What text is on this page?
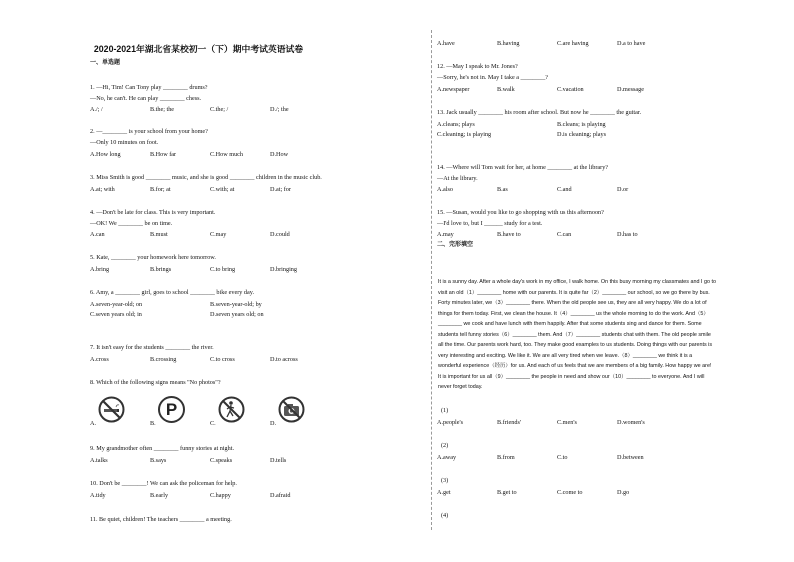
2020-2021年湖北省某校初一（下）期中考试英语试卷
一、单选题
1. —Hi, Tim! Can Tony play ________ drums?
—No, he can't. He can play ________ chess.
A./; /	B.the; the	C.the; /	D./; the
2. —________ is your school from your home?
—Only 10 minutes on foot.
A.How long	B.How far	C.How much	D.How
3. Miss Smith is good ________ music, and she is good ________ children in the music club.
A.at; with	B.for; at	C.with; at	D.at; for
4. —Don't be late for class. This is very important.
—OK! We ________ be on time.
A.can	B.must	C.may	D.could
5. Kate, ________ your homework here tomorrow.
A.bring	B.brings	C.to bring	D.bringing
6. Amy, a ________ girl, goes to school ________ bike every day.
A.seven-year-old; on	B.seven-year-old; by
C.seven years old; in	D.seven years old; on
7. It isn't easy for the students ________ the river.
A.cross	B.crossing	C.to cross	D.to across
8. Which of the following signs means "No photos"?
P
A.	B.	C.	D.
9. My grandmother often ________ funny stories at night.
A.talks	B.says	C.speaks	D.tells
10. Don't be ________! We can ask the policeman for help.
A.tidy	B.early	C.happy	D.afraid
11. Be quiet, children! The teachers ________ a meeting.
A.have	B.having	C.are having	D.a to have
12. —May I speak to Mr. Jones?
—Sorry, he's not in. May I take a ________?
A.newspaper	B.walk	C.vacation	D.message
13. Jack usually ________ his room after school. But now he ________ the guitar.
A.cleans; plays	B.cleans; is playing
C.cleaning; is playing	D.is cleaning; plays
14. —Where will Tom wait for her, at home ________ at the library?
—At the library.
A.also	B.as	C.and	D.or
15. —Susan, would you like to go shopping with us this afternoon?
—I'd love to, but I ______ study for a test.
A.may	B.have to	C.can	D.has to
二、完形填空
It is a sunny day. After a whole day's work in my office, I walk home. On this busy morning my classmates and I go to
visit an old（1）________ home with our parents. It is quite far（2）________ our school, so we go there by bus.
Forty minutes later, we（3）________ there. When the old people see us, they are all very happy. We do a lot of
things for them today. First, we clean the house. It（4）________ us the whole morning to do the work. And（5）
________ we cook and have lunch with them happily. After that some students sing and dance for them. Some
students tell funny stories（6）________ them. And（7）________ students chat with them. The old people smile
all the time. Our parents work hard, too. They make good examples to us students. Doing things with our parents is
very interesting and exciting. We like it. We are all very tired when we leave.（8）________ we think it is a
wonderful experience（经历）for us. And each of us feels that we are members of a big family. How happy we are!
It is important for us all（9）________ the people in need and show our（10）________ to everyone. And I will
never forget today.
(1)
A.people's	B.friends'	C.men's	D.women's
(2)
A.away	B.from	C.to	D.between
(3)
A.get	B.get to	C.come to	D.go
(4)
